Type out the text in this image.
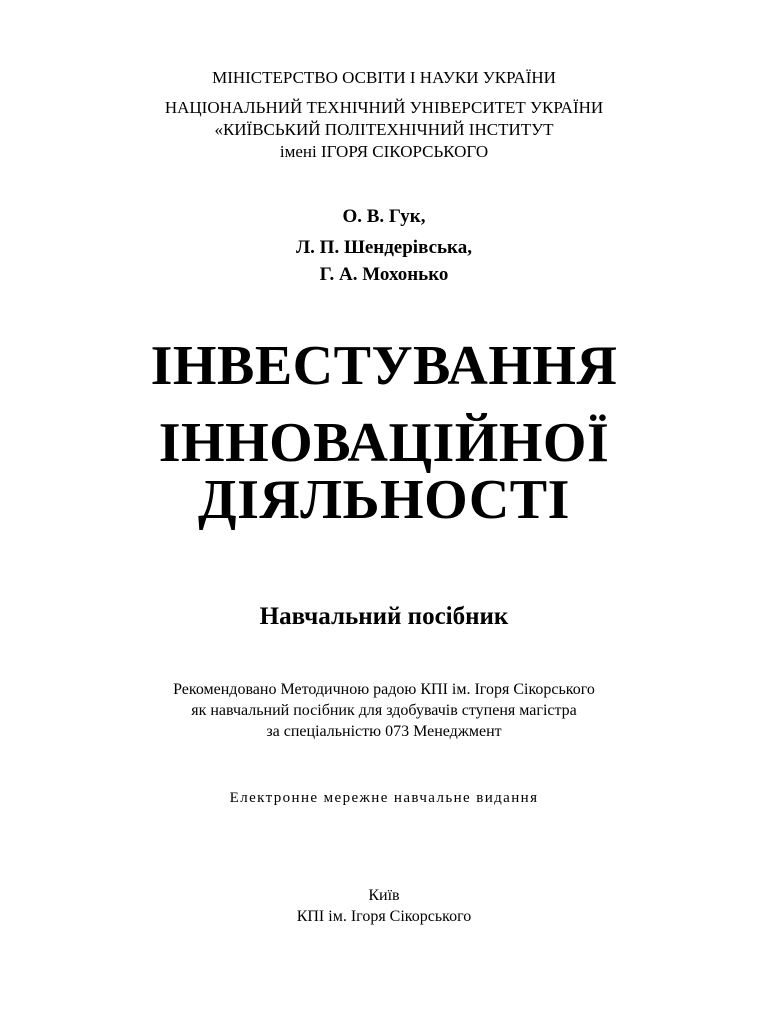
МІНІСТЕРСТВО ОСВІТИ І НАУКИ УКРАЇНИ
НАЦІОНАЛЬНИЙ ТЕХНІЧНИЙ УНІВЕРСИТЕТ УКРАЇНИ
«КИЇВСЬКИЙ ПОЛІТЕХНІЧНИЙ ІНСТИТУТ
імені ІГОРЯ СІКОРСЬКОГО
О. В. Гук,
Л. П. Шендерівська,
Г. А. Мохонько
ІНВЕСТУВАННЯ
ІННОВАЦІЙНОЇ
ДІЯЛЬНОСТІ
Навчальний посібник
Рекомендовано Методичною радою КПІ ім. Ігоря Сікорського
як навчальний посібник для здобувачів ступеня магістра
за спеціальністю 073 Менеджмент
Електронне мережне навчальне видання
Київ
КПІ ім. Ігоря Сікорського
